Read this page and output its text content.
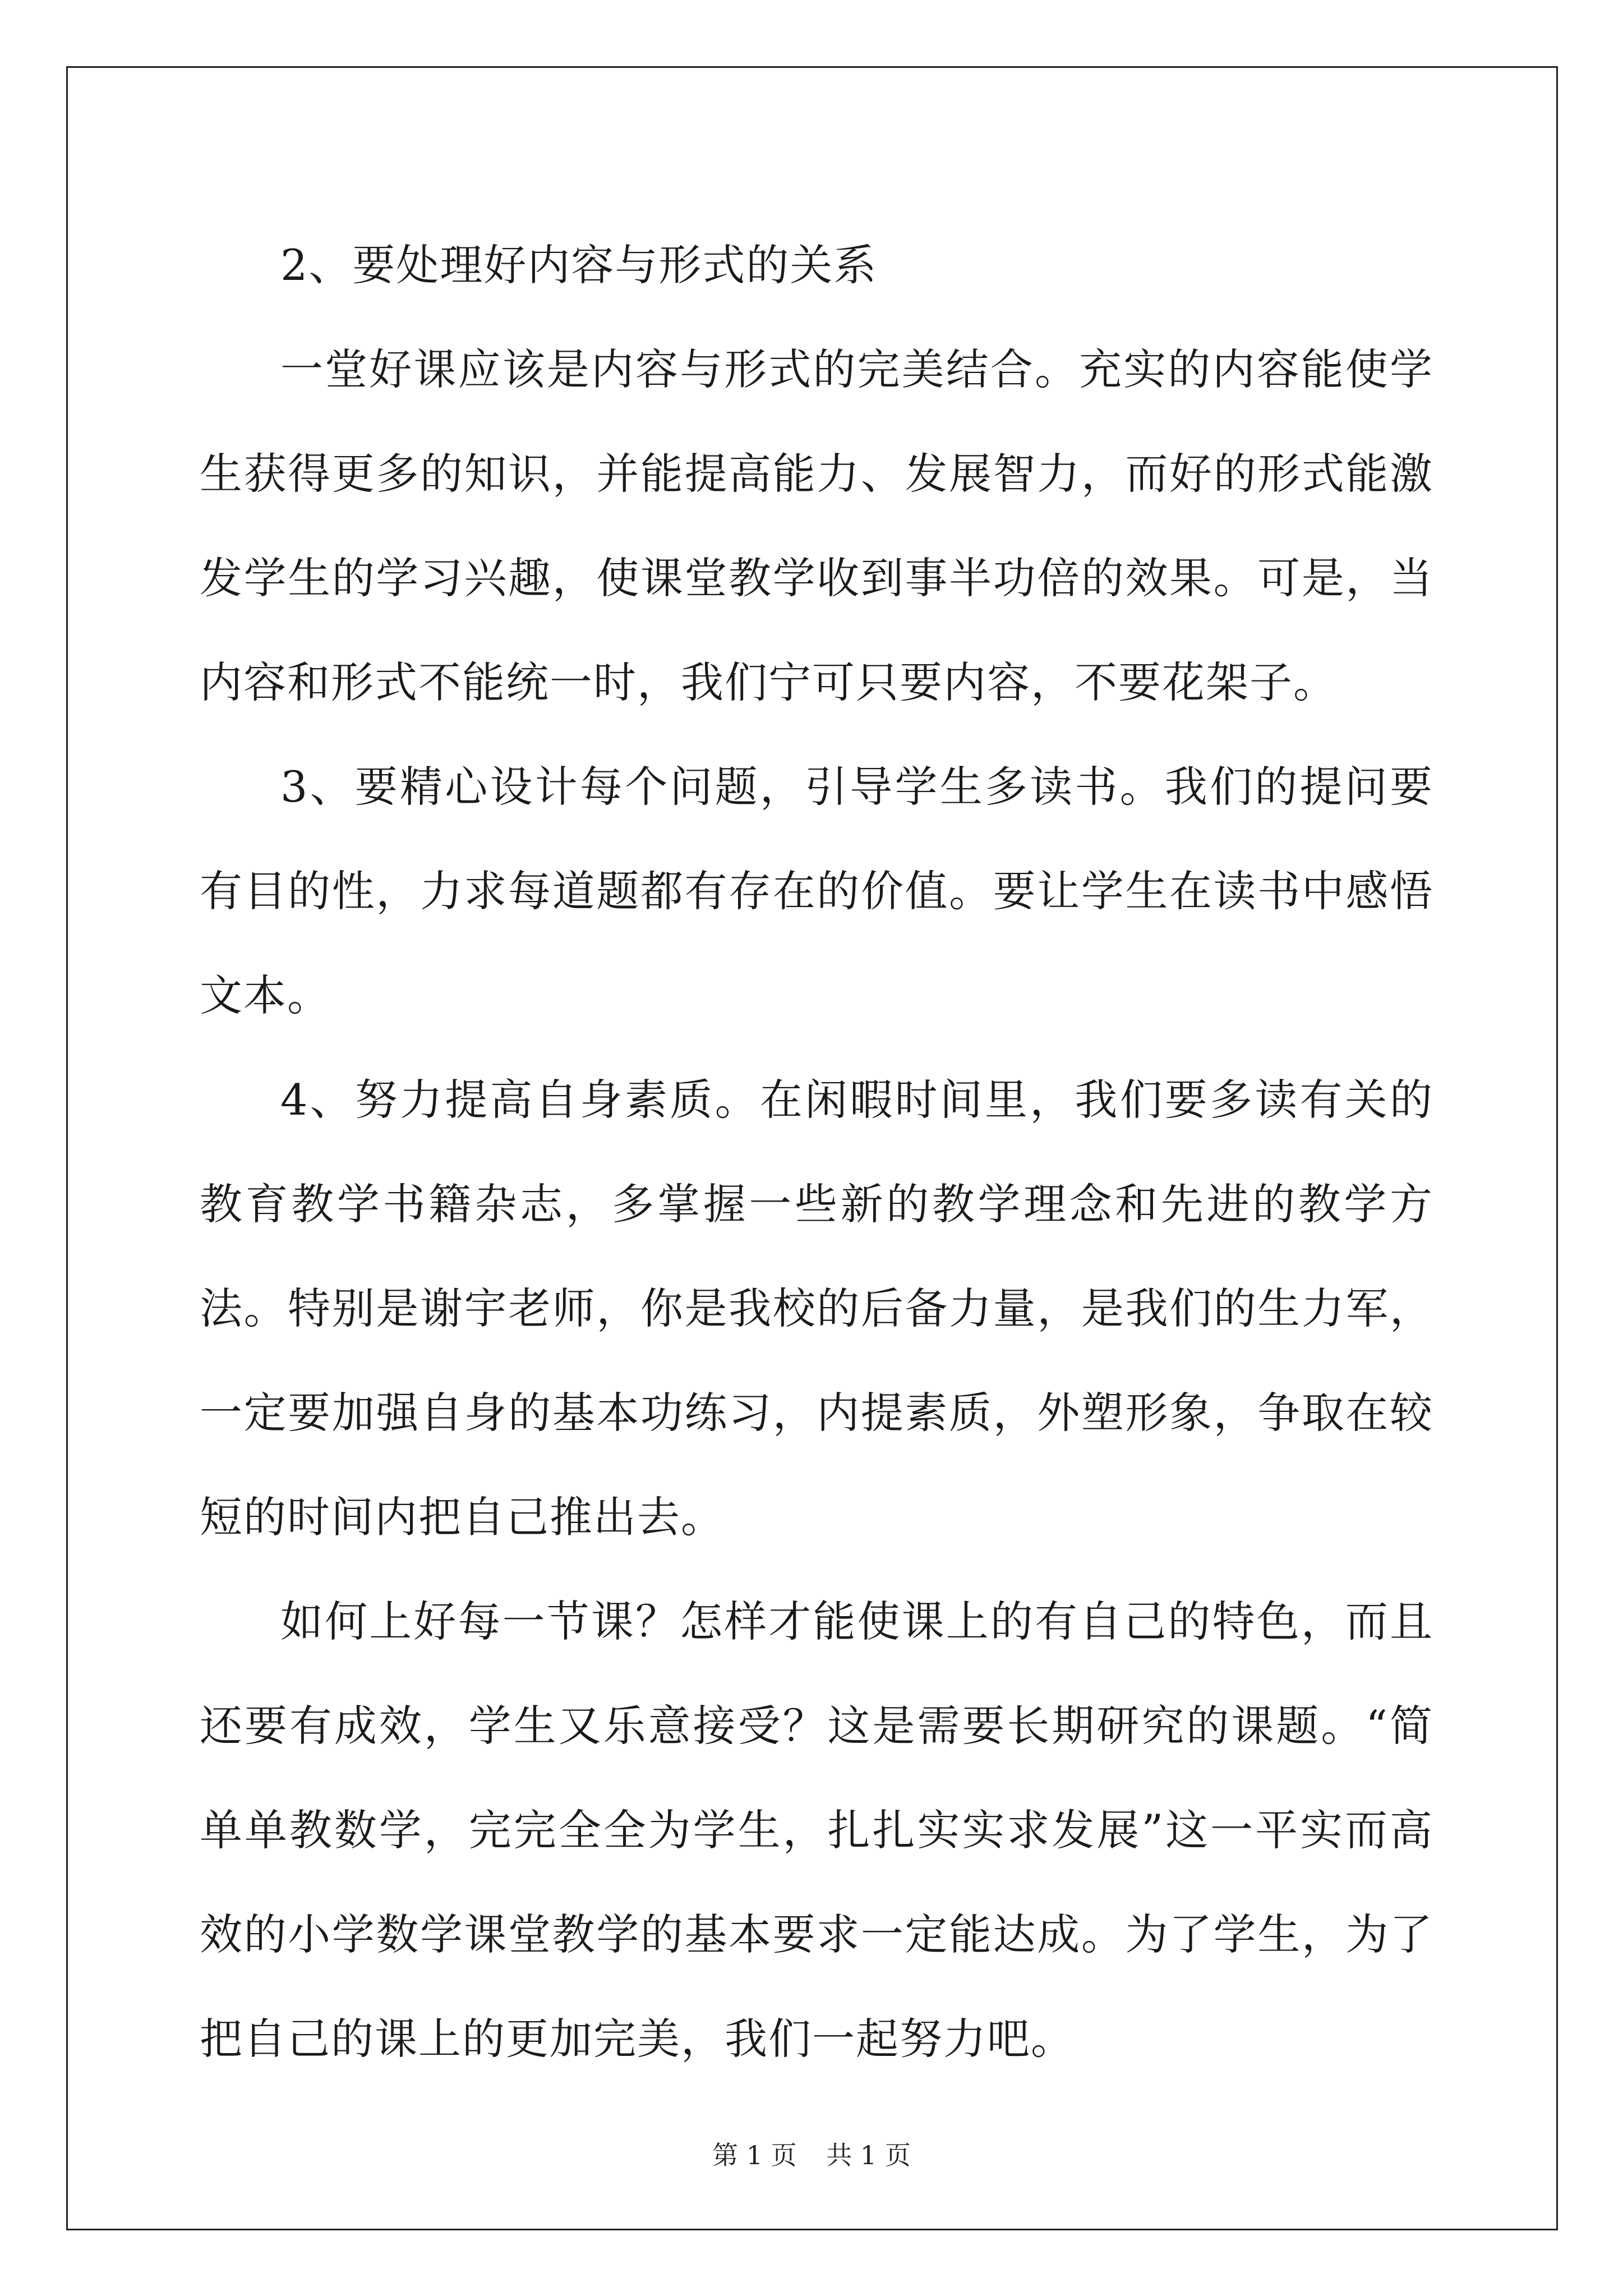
2、要处理好内容与形式的关系

一堂好课应该是内容与形式的完美结合。充实的内容能使学生获得更多的知识，并能提高能力、发展智力，而好的形式能激发学生的学习兴趣，使课堂教学收到事半功倍的效果。可是，当内容和形式不能统一时，我们宁可只要内容，不要花架子。

3、要精心设计每个问题，引导学生多读书。我们的提问要有目的性，力求每道题都有存在的价值。要让学生在读书中感悟文本。

4、努力提高自身素质。在闲暇时间里，我们要多读有关的教育教学书籍杂志，多掌握一些新的教学理念和先进的教学方法。特别是谢宇老师，你是我校的后备力量，是我们的生力军，一定要加强自身的基本功练习，内提素质，外塑形象，争取在较短的时间内把自己推出去。

如何上好每一节课？怎样才能使课上的有自己的特色，而且还要有成效，学生又乐意接受？这是需要长期研究的课题。“简单单教数学，完完全全为学生，扎扎实实求发展”这一平实而高效的小学数学课堂教学的基本要求一定能达成。为了学生，为了把自己的课上的更加完美，我们一起努力吧。

第 1 页 共 1 页
